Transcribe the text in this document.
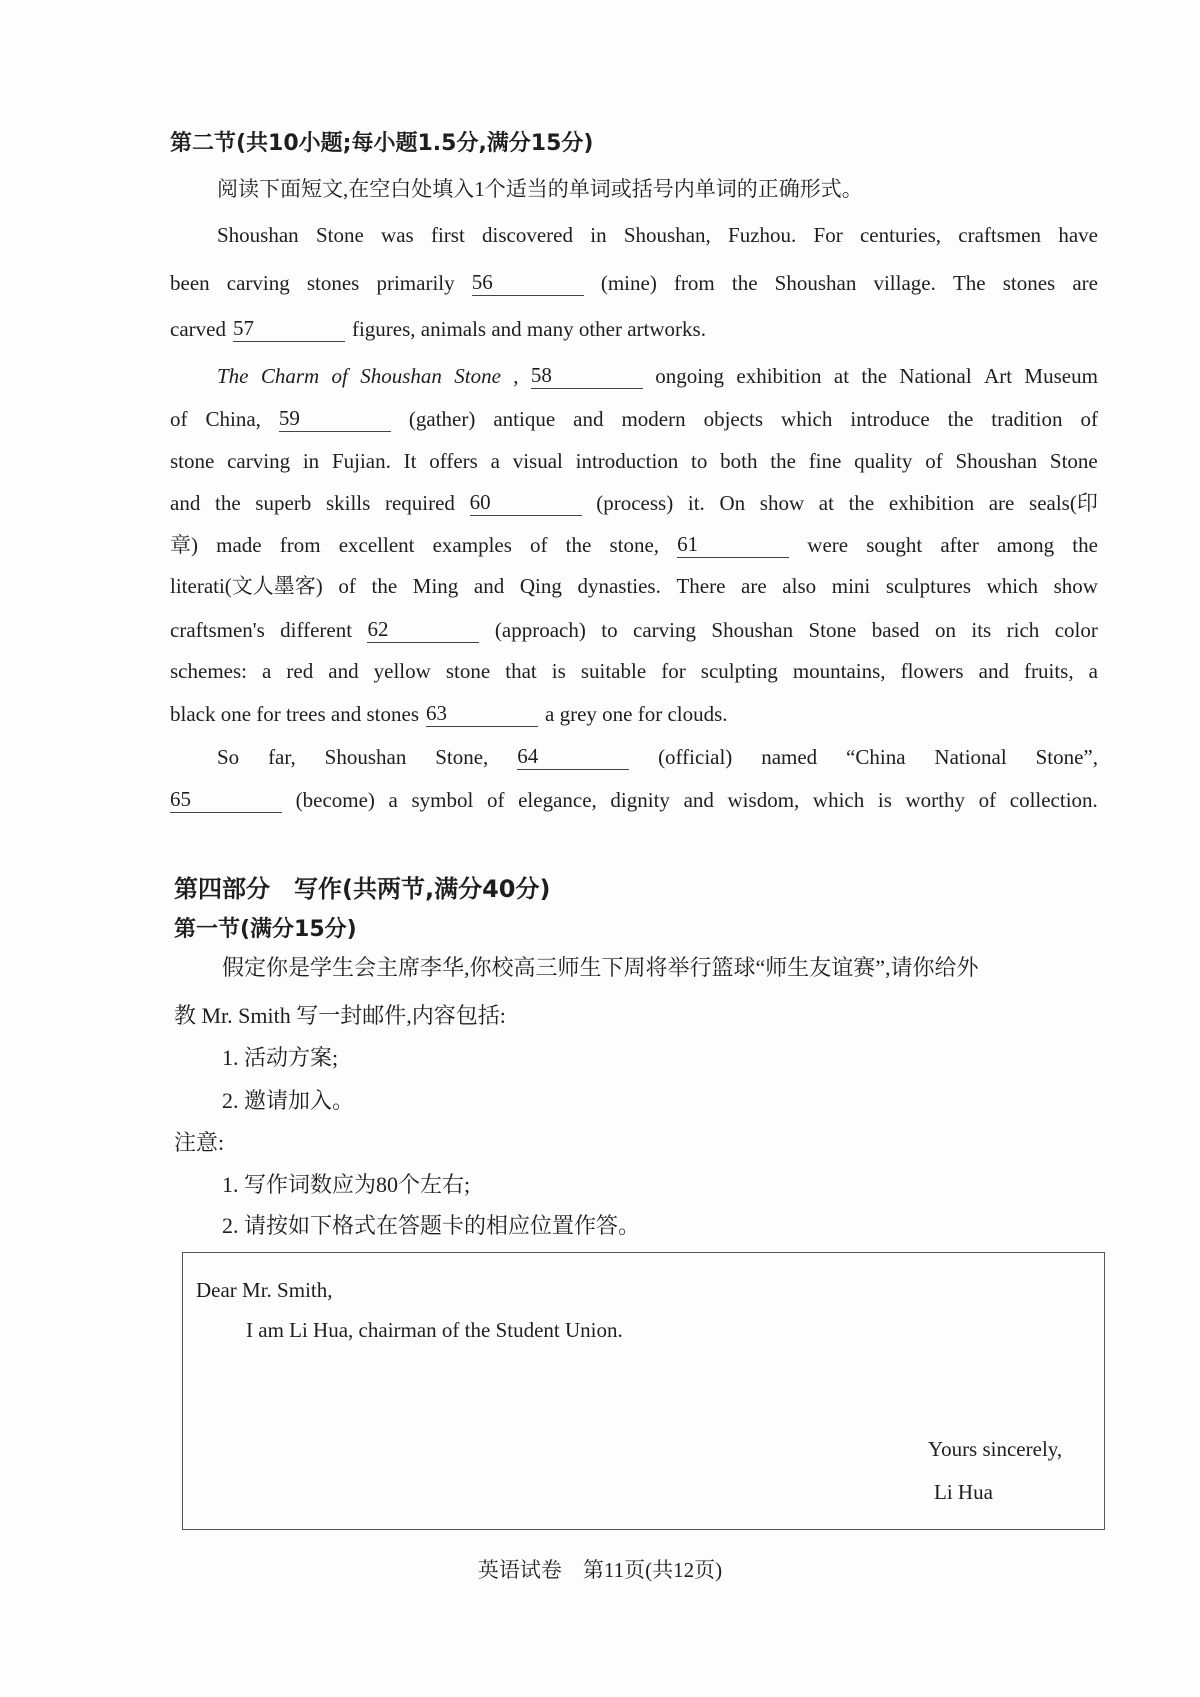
第二节(共10小题;每小题1.5分,满分15分)
阅读下面短文,在空白处填入1个适当的单词或括号内单词的正确形式。
Shoushan Stone was first discovered in Shoushan, Fuzhou. For centuries, craftsmen have
been carving stones primarily 56	(mine) from the Shoushan village. The stones are
carved 57	figures, animals and many other artworks.
The Charm of Shoushan Stone , 58	ongoing exhibition at the National Art Museum
of China, 59	(gather) antique and modern objects which introduce the tradition of
stone carving in Fujian. It offers a visual introduction to both the fine quality of Shoushan Stone
and the superb skills required 60	(process) it. On show at the exhibition are seals(印
章) made from excellent examples of the stone, 61	were sought after among the
literati(文人墨客) of the Ming and Qing dynasties. There are also mini sculptures which show
craftsmen's different 62	(approach) to carving Shoushan Stone based on its rich color
schemes: a red and yellow stone that is suitable for sculpting mountains, flowers and fruits, a
black one for trees and stones 63	a grey one for clouds.
So far, Shoushan Stone, 64	(official) named “China National Stone”,
65	(become) a symbol of elegance, dignity and wisdom, which is worthy of collection.
第四部分　写作(共两节,满分40分)
第一节(满分15分)
假定你是学生会主席李华,你校高三师生下周将举行篮球“师生友谊赛”,请你给外
教 Mr. Smith 写一封邮件,内容包括:
1. 活动方案;
2. 邀请加入。
注意:
1. 写作词数应为80个左右;
2. 请按如下格式在答题卡的相应位置作答。
Dear Mr. Smith,
I am Li Hua, chairman of the Student Union.
Yours sincerely,
Li Hua
英语试卷　第11页(共12页)
